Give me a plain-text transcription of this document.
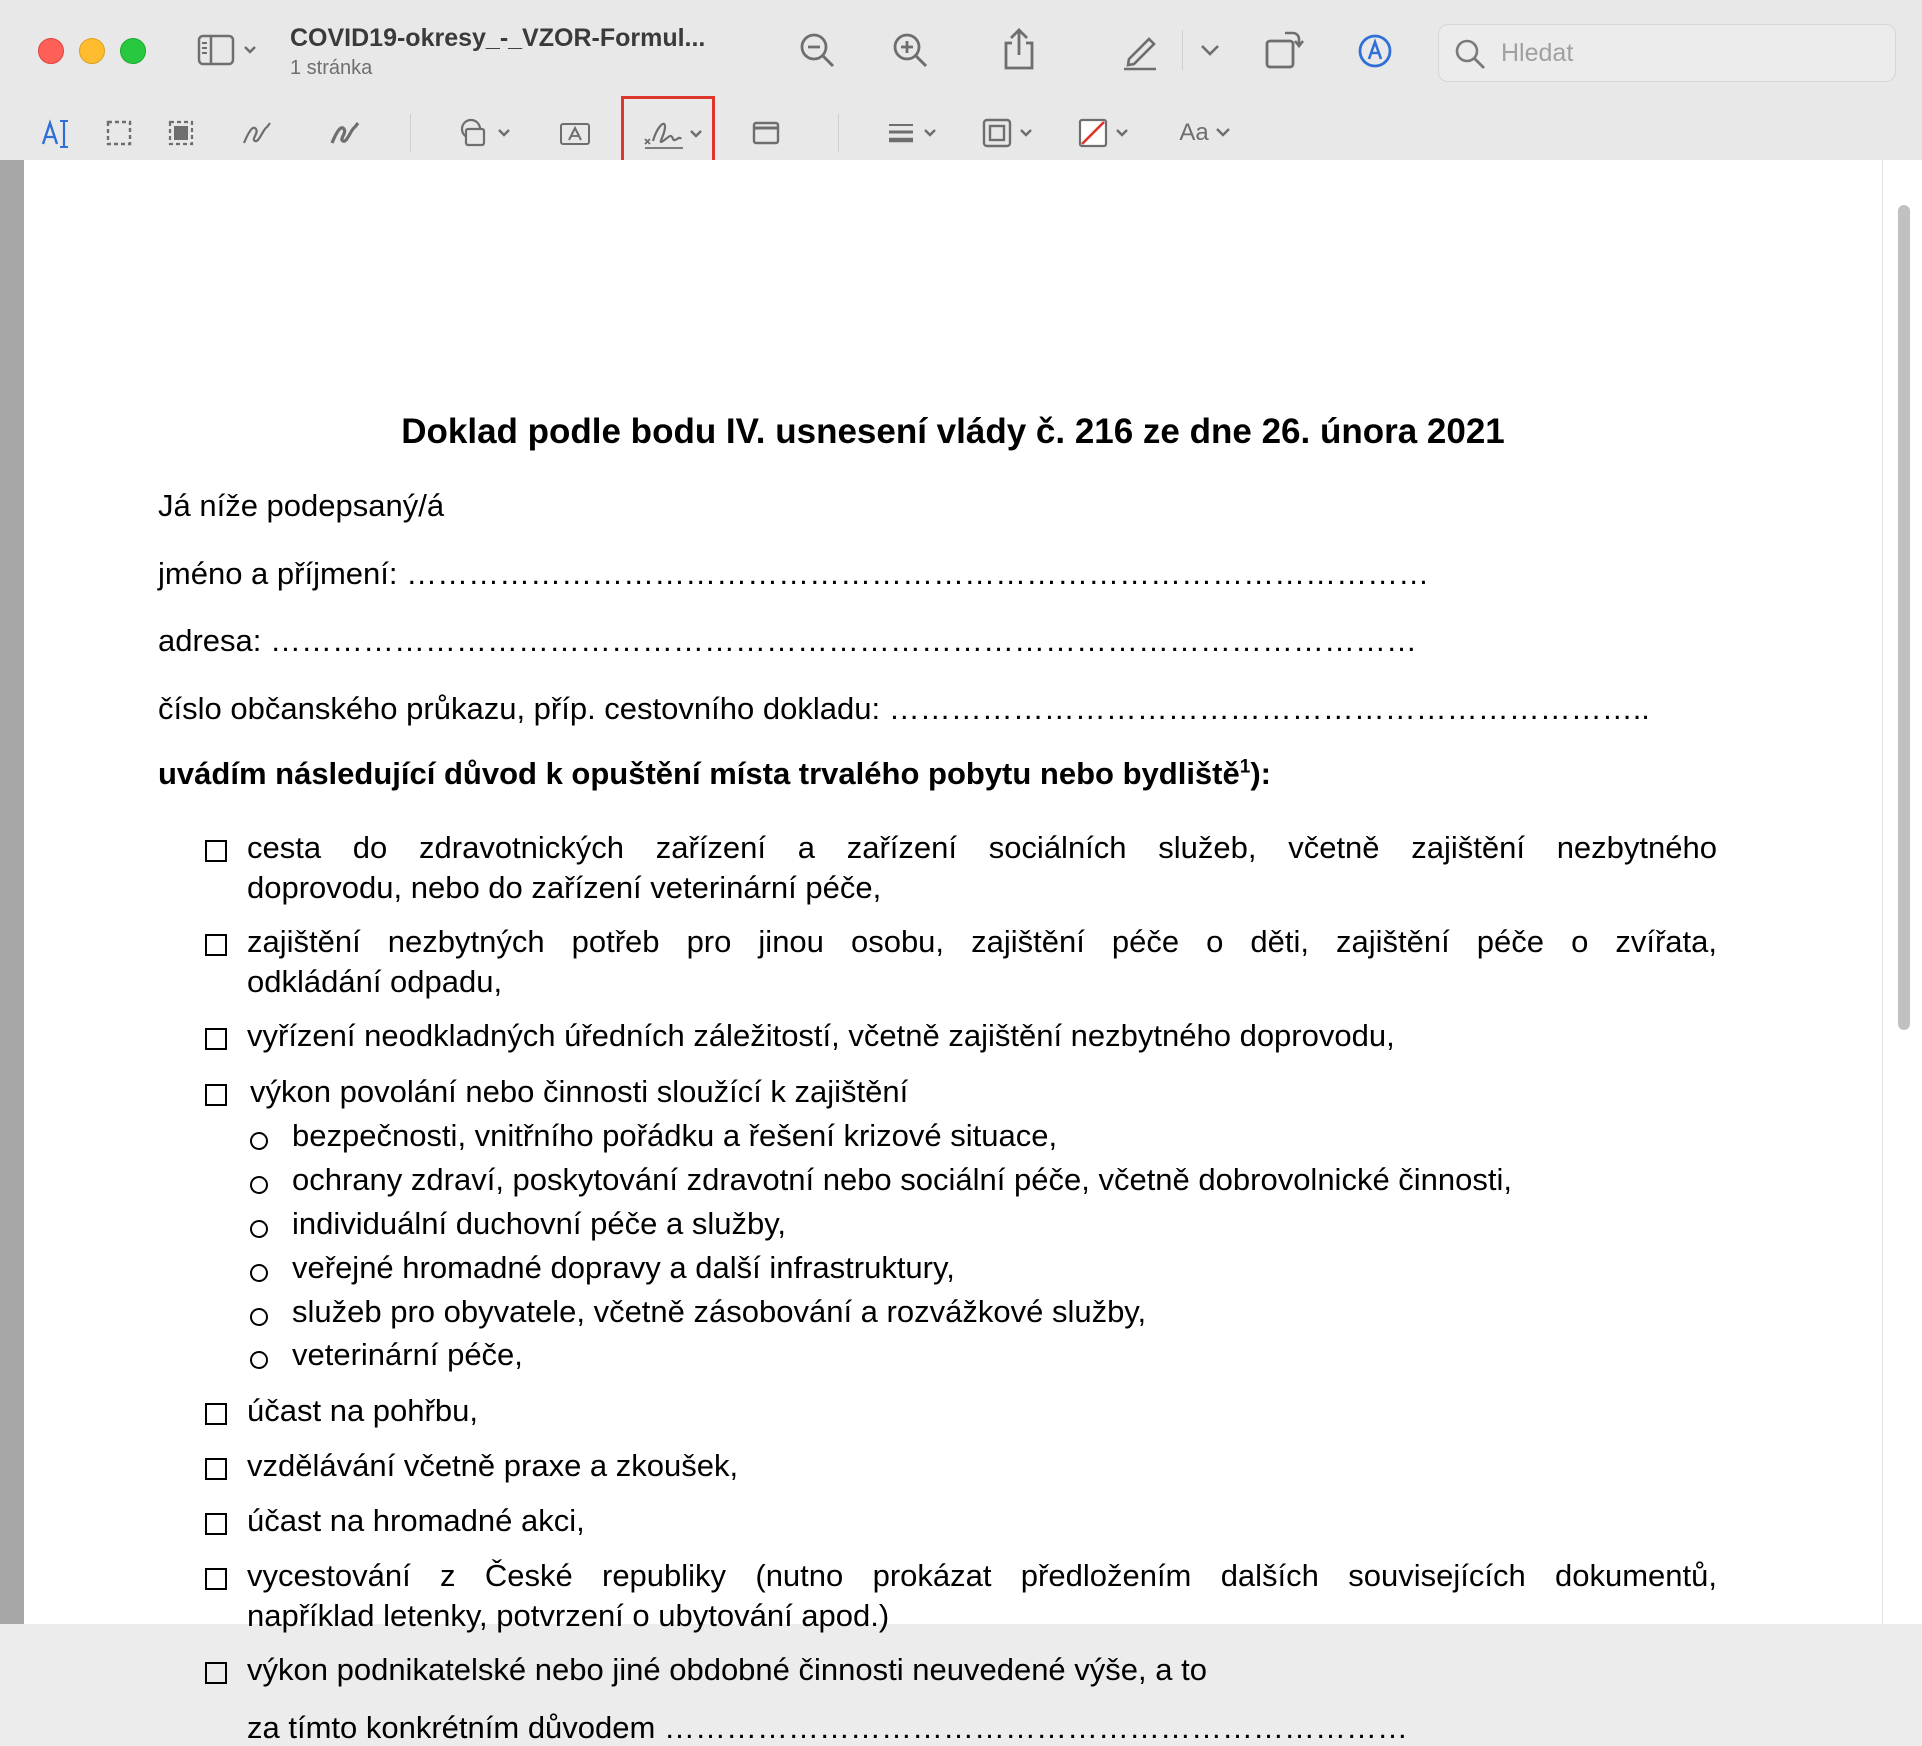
COVID19-okresy_-_VZOR-Formul...
1 stránka
Hledat
Aa
Doklad podle bodu IV. usnesení vlády č. 216 ze dne 26. února 2021
Já níže podepsaný/á
jméno a příjmení: ………………………………………………………………………………………
adresa: …………………………………………………………………………………………………
číslo občanského průkazu, příp. cestovního dokladu: ………………………………………………………………..
uvádím následující důvod k opuštění místa trvalého pobytu nebo bydliště$^1$):
cesta do zdravotnických zařízení a zařízení sociálních služeb, včetně zajištění nezbytného
doprovodu, nebo do zařízení veterinární péče,
zajištění nezbytných potřeb pro jinou osobu, zajištění péče o děti, zajištění péče o zvířata,
odkládání odpadu,
vyřízení neodkladných úředních záležitostí, včetně zajištění nezbytného doprovodu,
výkon povolání nebo činnosti sloužící k zajištění
bezpečnosti, vnitřního pořádku a řešení krizové situace,
ochrany zdraví, poskytování zdravotní nebo sociální péče, včetně dobrovolnické činnosti,
individuální duchovní péče a služby,
veřejné hromadné dopravy a další infrastruktury,
služeb pro obyvatele, včetně zásobování a rozvážkové služby,
veterinární péče,
účast na pohřbu,
vzdělávání včetně praxe a zkoušek,
účast na hromadné akci,
vycestování z České republiky (nutno prokázat předložením dalších souvisejících dokumentů,
například letenky, potvrzení o ubytování apod.)
výkon podnikatelské nebo jiné obdobné činnosti neuvedené výše, a to
za tímto konkrétním důvodem ………………………………………………………………
